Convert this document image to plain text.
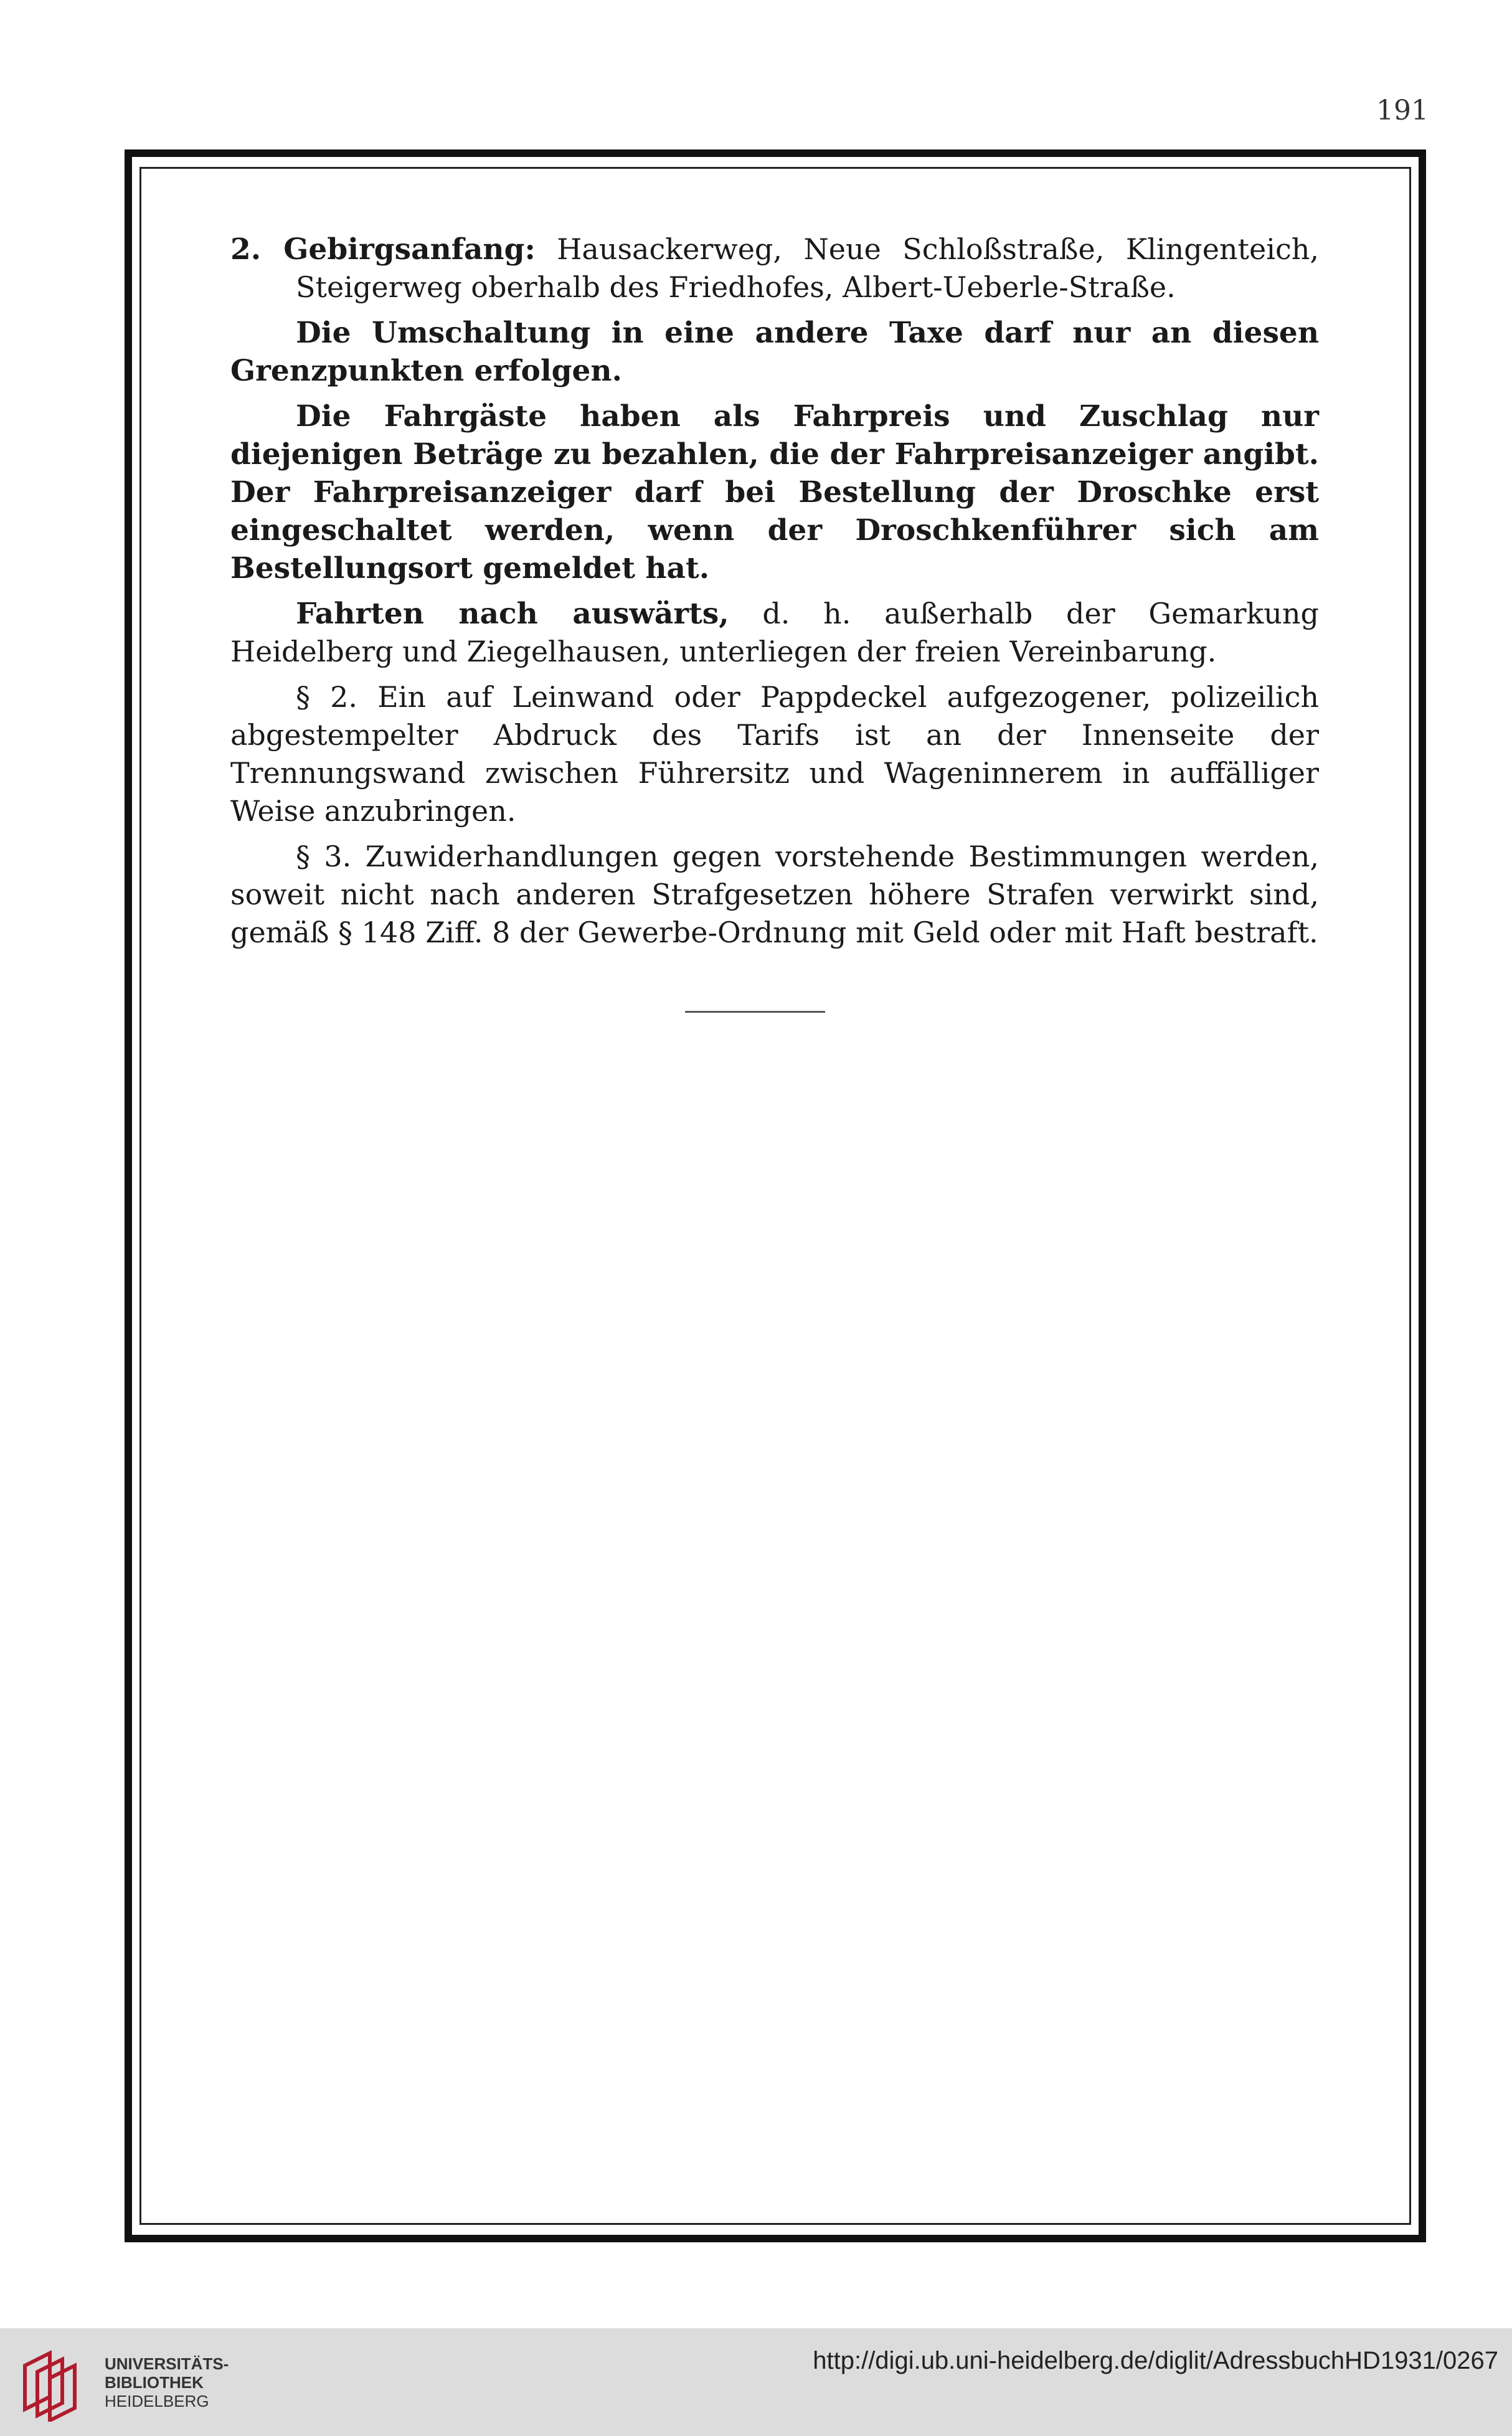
191

2. Gebirgsanfang: Hausackerweg, Neue Schloßstraße, Klingenteich, Steigerweg oberhalb des Friedhofes, Albert-Ueberle-Straße.

Die Umschaltung in eine andere Taxe darf nur an diesen Grenzpunkten erfolgen.

Die Fahrgäste haben als Fahrpreis und Zuschlag nur diejenigen Beträge zu bezahlen, die der Fahrpreisanzeiger angibt. Der Fahrpreisanzeiger darf bei Bestellung der Droschke erst eingeschaltet werden, wenn der Droschkenführer sich am Bestellungsort gemeldet hat.

Fahrten nach auswärts, d. h. außerhalb der Gemarkung Heidelberg und Ziegelhausen, unterliegen der freien Vereinbarung.

§ 2. Ein auf Leinwand oder Pappdeckel aufgezogener, polizeilich abgestempelter Abdruck des Tarifs ist an der Innenseite der Trennungswand zwischen Führersitz und Wageninnerem in auffälliger Weise anzubringen.

§ 3. Zuwiderhandlungen gegen vorstehende Bestimmungen werden, soweit nicht nach anderen Strafgesetzen höhere Strafen verwirkt sind, gemäß § 148 Ziff. 8 der Gewerbe-Ordnung mit Geld oder mit Haft bestraft.

UNIVERSITÄTS-
BIBLIOTHEK
HEIDELBERG
http://digi.ub.uni-heidelberg.de/diglit/AdressbuchHD1931/0267
